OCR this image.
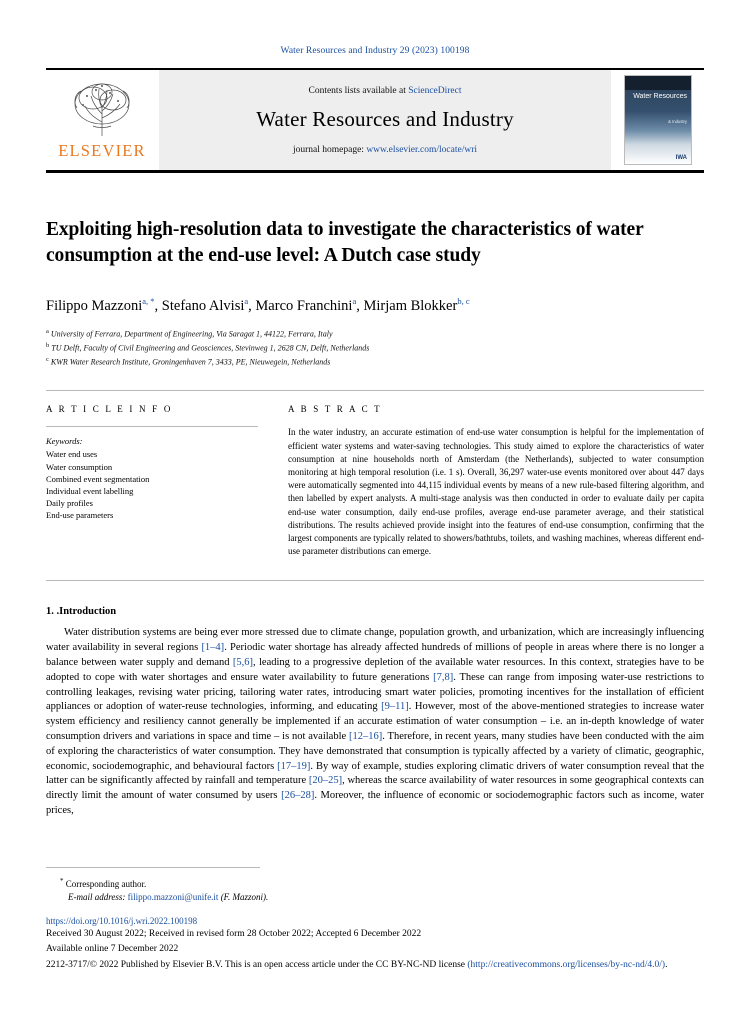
Water Resources and Industry 29 (2023) 100198
ELSEVIER
Contents lists available at ScienceDirect
Water Resources and Industry
journal homepage: www.elsevier.com/locate/wri
Water Resources
& Industry
IWA
Exploiting high-resolution data to investigate the characteristics of water consumption at the end-use level: A Dutch case study
Filippo Mazzoni$^{a, *}$, Stefano Alvisi$^a$, Marco Franchini$^a$, Mirjam Blokker$^{b, c}$
$^a$ University of Ferrara, Department of Engineering, Via Saragat 1, 44122, Ferrara, Italy
$^b$ TU Delft, Faculty of Civil Engineering and Geosciences, Stevinweg 1, 2628 CN, Delft, Netherlands
$^c$ KWR Water Research Institute, Groningenhaven 7, 3433, PE, Nieuwegein, Netherlands
A R T I C L E I N F O
Keywords:
Water end uses
Water consumption
Combined event segmentation
Individual event labelling
Daily profiles
End-use parameters
A B S T R A C T
In the water industry, an accurate estimation of end-use water consumption is helpful for the implementation of efficient water systems and water-saving technologies. This study aimed to explore the characteristics of water consumption at nine households north of Amsterdam (the Netherlands), subjected to water consumption monitoring at high temporal resolution (i.e. 1 s). Overall, 36,297 water-use events monitored over about 447 days were automatically segmented into 44,115 individual events by means of a new rule-based filtering algorithm, and then labelled by expert analysts. A multi-stage analysis was then conducted in order to evaluate daily per capita end-use water consumption, daily end-use profiles, average end-use parameter average, and their statistical distributions. The results achieved provide insight into the features of end-use consumption, confirming that the largest components are typically related to showers/bathtubs, toilets, and washing machines, whereas different end-use parameter distributions can emerge.
1. .Introduction

Water distribution systems are being ever more stressed due to climate change, population growth, and urbanization, which are increasingly influencing water availability in several regions [1–4]. Periodic water shortage has already affected hundreds of millions of people in areas where there is no longer a balance between water supply and demand [5,6], leading to a progressive depletion of the available water resources. In this context, strategies have to be adopted to cope with water shortages and ensure water availability to future generations [7,8]. These can range from imposing water-use restrictions to controlling leakages, revising water pricing, tailoring water rates, introducing smart water policies, promoting incentives for the installation of efficient appliances or adoption of water-reuse technologies, informing, and educating [9–11]. However, most of the above-mentioned strategies to increase water system efficiency and resiliency cannot generally be implemented if an accurate estimation of water consumption – i.e. an in-depth knowledge of water consumption drivers and variations in space and time – is not available [12–16]. Therefore, in recent years, many studies have been conducted with the aim of exploring the characteristics of water consumption. They have demonstrated that consumption is typically affected by a variety of climatic, geographic, economic, sociodemographic, and behavioural factors [17–19]. By way of example, studies exploring climatic drivers of water consumption reveal that the latter can be significantly affected by rainfall and temperature [20–25], whereas the scarce availability of water resources in some geographical contexts can directly limit the amount of water consumed by users [26–28]. Moreover, the influence of economic or sociodemographic factors such as income, water prices,

* Corresponding author.
E-mail address: filippo.mazzoni@unife.it (F. Mazzoni).
https://doi.org/10.1016/j.wri.2022.100198
Received 30 August 2022; Received in revised form 28 October 2022; Accepted 6 December 2022
Available online 7 December 2022
2212-3717/© 2022 Published by Elsevier B.V. This is an open access article under the CC BY-NC-ND license (http://creativecommons.org/licenses/by-nc-nd/4.0/).
